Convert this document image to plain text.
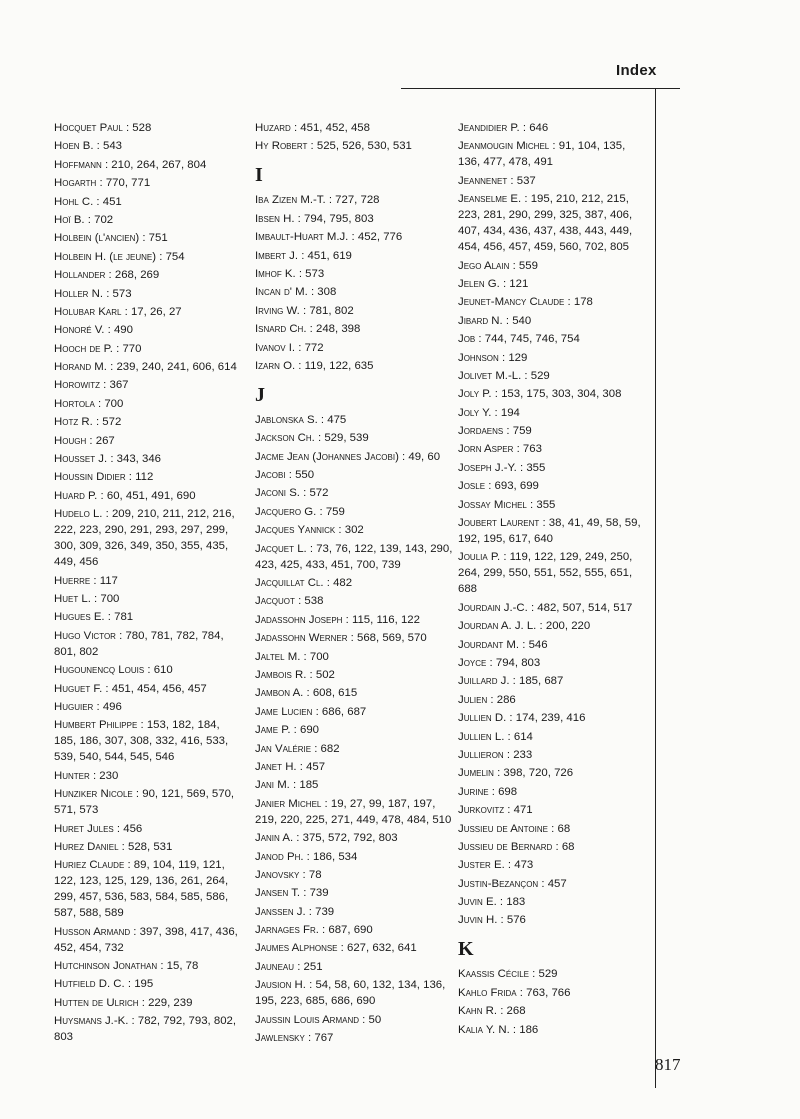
Index
Hocquet Paul : 528
Hoen B. : 543
Hoffmann : 210, 264, 267, 804
Hogarth : 770, 771
Hohl C. : 451
Hoï B. : 702
Holbein (l'ancien) : 751
Holbein H. (le jeune) : 754
Hollander : 268, 269
Holler N. : 573
Holubar Karl : 17, 26, 27
Honoré V. : 490
Hooch de P. : 770
Horand M. : 239, 240, 241, 606, 614
Horowitz : 367
Hortola : 700
Hotz R. : 572
Hough : 267
Housset J. : 343, 346
Houssin Didier : 112
Huard P. : 60, 451, 491, 690
Hudelo L. : 209, 210, 211, 212, 216, 222, 223, 290, 291, 293, 297, 299, 300, 309, 326, 349, 350, 355, 435, 449, 456
Huerre : 117
Huet L. : 700
Hugues E. : 781
Hugo Victor : 780, 781, 782, 784, 801, 802
Hugounencq Louis : 610
Huguet F. : 451, 454, 456, 457
Huguier : 496
Humbert Philippe : 153, 182, 184, 185, 186, 307, 308, 332, 416, 533, 539, 540, 544, 545, 546
Hunter : 230
Hunziker Nicole : 90, 121, 569, 570, 571, 573
Huret Jules : 456
Hurez Daniel : 528, 531
Huriez Claude : 89, 104, 119, 121, 122, 123, 125, 129, 136, 261, 264, 299, 457, 536, 583, 584, 585, 586, 587, 588, 589
Husson Armand : 397, 398, 417, 436, 452, 454, 732
Hutchinson Jonathan : 15, 78
Hutfield D. C. : 195
Hutten de Ulrich : 229, 239
Huysmans J.-K. : 782, 792, 793, 802, 803
Huzard : 451, 452, 458
Hy Robert : 525, 526, 530, 531
I
Iba Zizen M.-T. : 727, 728
Ibsen H. : 794, 795, 803
Imbault-Huart M.J. : 452, 776
Imbert J. : 451, 619
Imhof K. : 573
Incan d' M. : 308
Irving W. : 781, 802
Isnard Ch. : 248, 398
Ivanov I. : 772
Izarn O. : 119, 122, 635
J
Jablonska S. : 475
Jackson Ch. : 529, 539
Jacme Jean (Johannes Jacobi) : 49, 60
Jacobi : 550
Jaconi S. : 572
Jacquero G. : 759
Jacques Yannick : 302
Jacquet L. : 73, 76, 122, 139, 143, 290, 423, 425, 433, 451, 700, 739
Jacquillat Cl. : 482
Jacquot : 538
Jadassohn Joseph : 115, 116, 122
Jadassohn Werner : 568, 569, 570
Jaltel M. : 700
Jambois R. : 502
Jambon A. : 608, 615
Jame Lucien : 686, 687
Jame P. : 690
Jan Valérie : 682
Janet H. : 457
Jani M. : 185
Janier Michel : 19, 27, 99, 187, 197, 219, 220, 225, 271, 449, 478, 484, 510
Janin A. : 375, 572, 792, 803
Janod Ph. : 186, 534
Janovsky : 78
Jansen T. : 739
Janssen J. : 739
Jarnages Fr. : 687, 690
Jaumes Alphonse : 627, 632, 641
Jauneau : 251
Jausion H. : 54, 58, 60, 132, 134, 136, 195, 223, 685, 686, 690
Jaussin Louis Armand : 50
Jawlensky : 767
Jeandidier P. : 646
Jeanmougin Michel : 91, 104, 135, 136, 477, 478, 491
Jeannenet : 537
Jeanselme E. : 195, 210, 212, 215, 223, 281, 290, 299, 325, 387, 406, 407, 434, 436, 437, 438, 443, 449, 454, 456, 457, 459, 560, 702, 805
Jego Alain : 559
Jelen G. : 121
Jeunet-Mancy Claude : 178
Jibard N. : 540
Job : 744, 745, 746, 754
Johnson : 129
Jolivet M.-L. : 529
Joly P. : 153, 175, 303, 304, 308
Joly Y. : 194
Jordaens : 759
Jorn Asper : 763
Joseph J.-Y. : 355
Josle : 693, 699
Jossay Michel : 355
Joubert Laurent : 38, 41, 49, 58, 59, 192, 195, 617, 640
Joulia P. : 119, 122, 129, 249, 250, 264, 299, 550, 551, 552, 555, 651, 688
Jourdain J.-C. : 482, 507, 514, 517
Jourdan A. J. L. : 200, 220
Jourdant M. : 546
Joyce : 794, 803
Juillard J. : 185, 687
Julien : 286
Jullien D. : 174, 239, 416
Jullien L. : 614
Jullieron : 233
Jumelin : 398, 720, 726
Jurine : 698
Jurkovitz : 471
Jussieu de Antoine : 68
Jussieu de Bernard : 68
Juster E. : 473
Justin-Bezançon : 457
Juvin E. : 183
Juvin H. : 576
K
Kaassis Cécile : 529
Kahlo Frida : 763, 766
Kahn R. : 268
Kalia Y. N. : 186
817
